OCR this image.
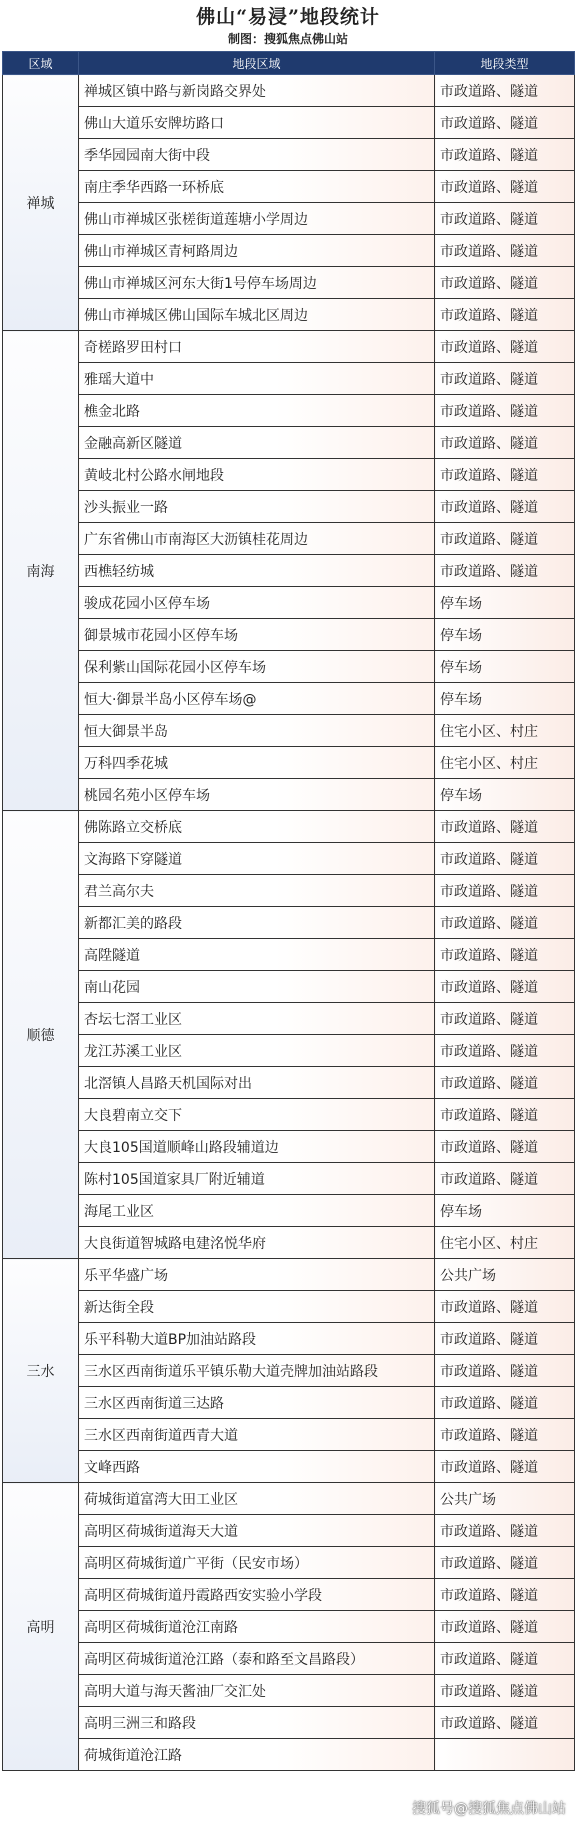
佛山“易浸”地段统计
制图：搜狐焦点佛山站
区域	地段区域	地段类型
禅城	禅城区镇中路与新岗路交界处	市政道路、隧道
	佛山大道乐安牌坊路口	市政道路、隧道
	季华园园南大街中段	市政道路、隧道
	南庄季华西路一环桥底	市政道路、隧道
	佛山市禅城区张槎街道莲塘小学周边	市政道路、隧道
	佛山市禅城区青柯路周边	市政道路、隧道
	佛山市禅城区河东大街1号停车场周边	市政道路、隧道
	佛山市禅城区佛山国际车城北区周边	市政道路、隧道
南海	奇槎路罗田村口	市政道路、隧道
	雅瑶大道中	市政道路、隧道
	樵金北路	市政道路、隧道
	金融高新区隧道	市政道路、隧道
	黄岐北村公路水闸地段	市政道路、隧道
	沙头振业一路	市政道路、隧道
	广东省佛山市南海区大沥镇桂花周边	市政道路、隧道
	西樵轻纺城	市政道路、隧道
	骏成花园小区停车场	停车场
	御景城市花园小区停车场	停车场
	保利紫山国际花园小区停车场	停车场
	恒大·御景半岛小区停车场@	停车场
	恒大御景半岛	住宅小区、村庄
	万科四季花城	住宅小区、村庄
	桃园名苑小区停车场	停车场
顺德	佛陈路立交桥底	市政道路、隧道
	文海路下穿隧道	市政道路、隧道
	君兰高尔夫	市政道路、隧道
	新都汇美的路段	市政道路、隧道
	高陞隧道	市政道路、隧道
	南山花园	市政道路、隧道
	杏坛七滘工业区	市政道路、隧道
	龙江苏溪工业区	市政道路、隧道
	北滘镇人昌路天机国际对出	市政道路、隧道
	大良碧南立交下	市政道路、隧道
	大良105国道顺峰山路段辅道边	市政道路、隧道
	陈村105国道家具厂附近辅道	市政道路、隧道
	海尾工业区	停车场
	大良街道智城路电建洺悦华府	住宅小区、村庄
三水	乐平华盛广场	公共广场
	新达街全段	市政道路、隧道
	乐平科勒大道BP加油站路段	市政道路、隧道
	三水区西南街道乐平镇乐勒大道壳牌加油站路段	市政道路、隧道
	三水区西南街道三达路	市政道路、隧道
	三水区西南街道西青大道	市政道路、隧道
	文峰西路	市政道路、隧道
高明	荷城街道富湾大田工业区	公共广场
	高明区荷城街道海天大道	市政道路、隧道
	高明区荷城街道广平街（民安市场）	市政道路、隧道
	高明区荷城街道丹霞路西安实验小学段	市政道路、隧道
	高明区荷城街道沧江南路	市政道路、隧道
	高明区荷城街道沧江路（泰和路至文昌路段）	市政道路、隧道
	高明大道与海天酱油厂交汇处	市政道路、隧道
	高明三洲三和路段	市政道路、隧道
	荷城街道沧江路	
搜狐号@搜狐焦点佛山站
